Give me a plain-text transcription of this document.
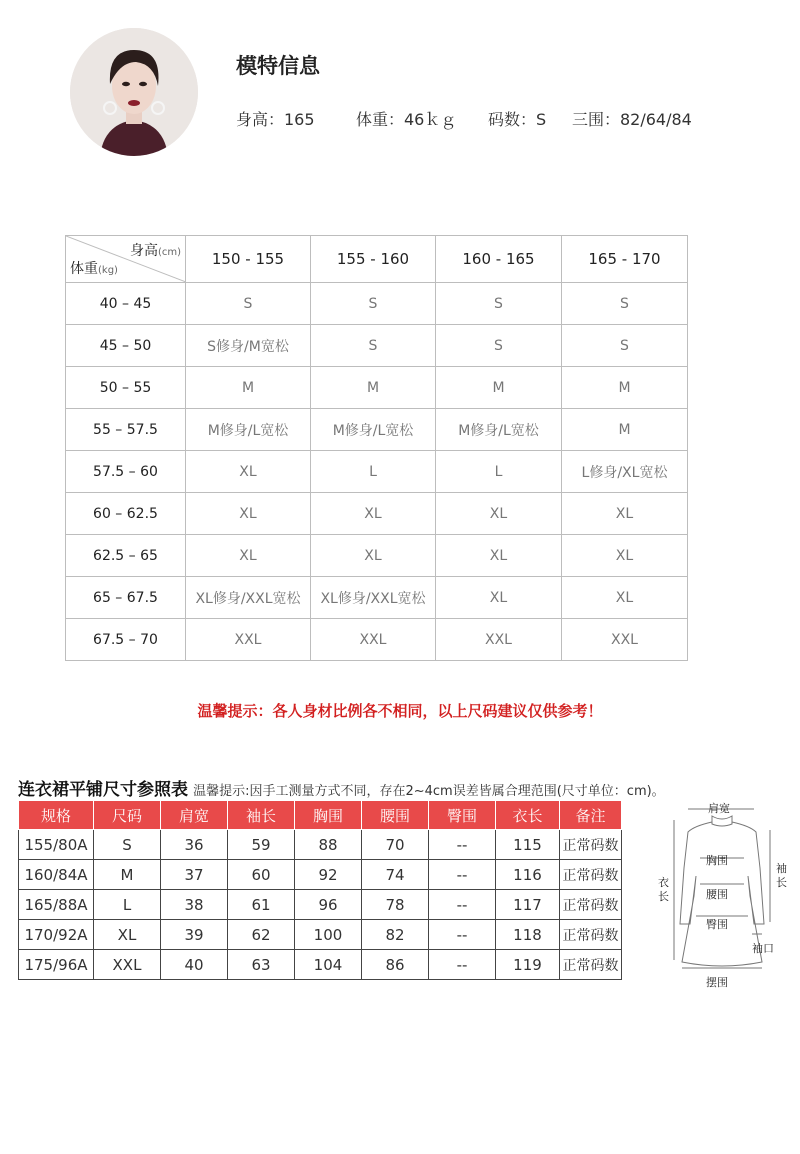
模特信息
身高：165	体重：46ｋｇ 码数：S 三围：82/64/84
身高(cm)
体重(kg)	150 - 155	155 - 160	160 - 165	165 - 170
40 – 45	S	S	S	S
45 – 50	S修身/M宽松	S	S	S
50 – 55	M	M	M	M
55 – 57.5	M修身/L宽松	M修身/L宽松	M修身/L宽松	M
57.5 – 60	XL	L	L	L修身/XL宽松
60 – 62.5	XL	XL	XL	XL
62.5 – 65	XL	XL	XL	XL
65 – 67.5	XL修身/XXL宽松	XL修身/XXL宽松	XL	XL
67.5 – 70	XXL	XXL	XXL	XXL
温馨提示：各人身材比例各不相同，以上尺码建议仅供参考！
连衣裙平铺尺寸参照表 温馨提示:因手工测量方式不同，存在2~4cm误差皆属合理范围(尺寸单位：cm)。
规格	尺码	肩宽	袖长	胸围	腰围	臀围	衣长	备注
155/80A	S	36	59	88	70	--	115	正常码数
160/84A	M	37	60	92	74	--	116	正常码数
165/88A	L	38	61	96	78	--	117	正常码数
170/92A	XL	39	62	100	82	--	118	正常码数
175/96A	XXL	40	63	104	86	--	119	正常码数
肩宽
胸围
腰围
臀围
衣长
袖长
袖口
摆围
